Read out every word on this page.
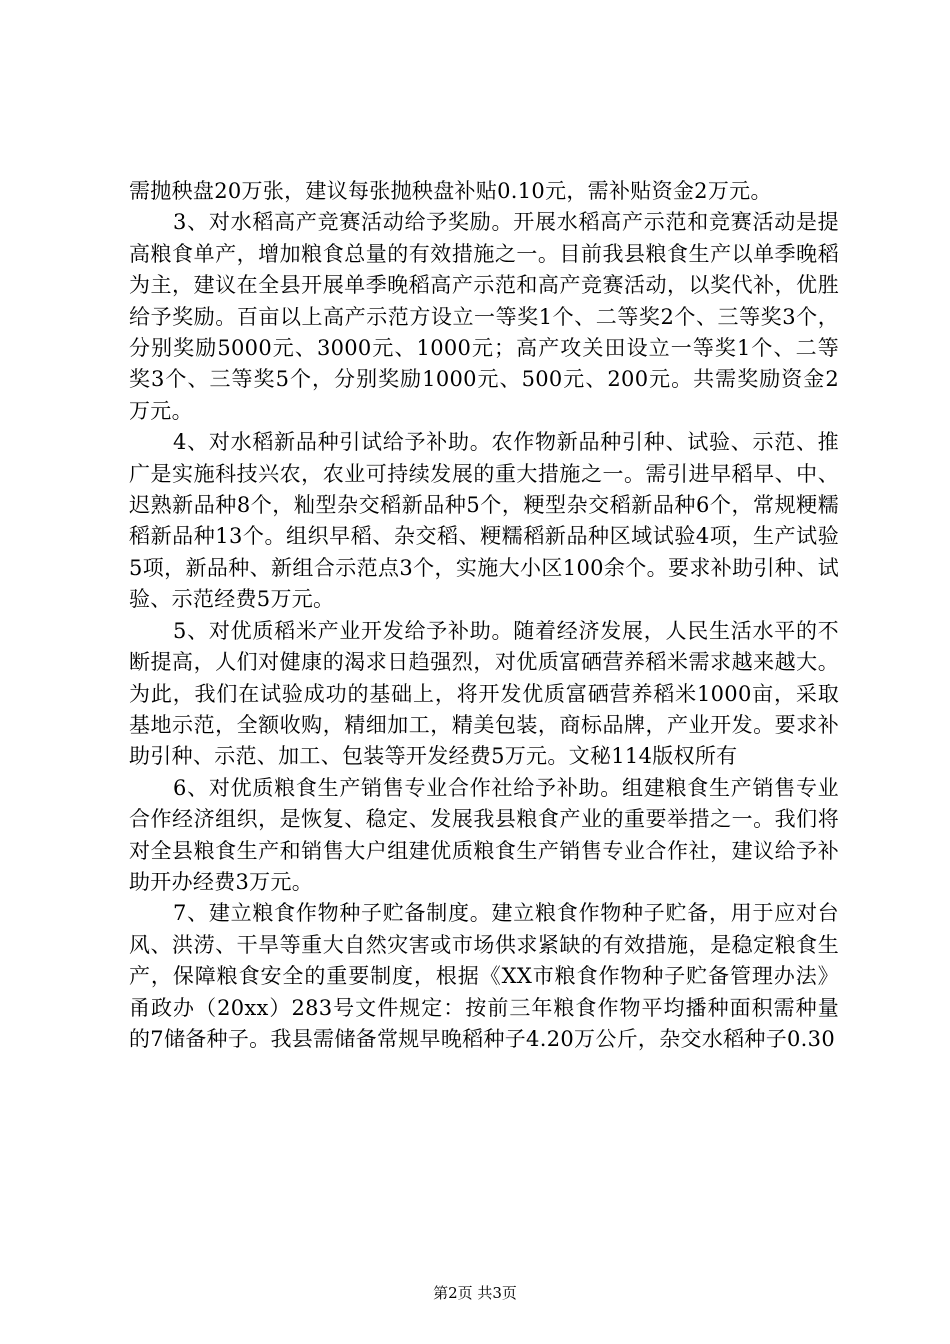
需抛秧盘20万张，建议每张抛秧盘补贴0.10元，需补贴资金2万元。

3、对水稻高产竞赛活动给予奖励。开展水稻高产示范和竞赛活动是提高粮食单产，增加粮食总量的有效措施之一。目前我县粮食生产以单季晚稻为主，建议在全县开展单季晚稻高产示范和高产竞赛活动，以奖代补，优胜给予奖励。百亩以上高产示范方设立一等奖1个、二等奖2个、三等奖3个，分别奖励5000元、3000元、1000元；高产攻关田设立一等奖1个、二等奖3个、三等奖5个，分别奖励1000元、500元、200元。共需奖励资金2万元。

4、对水稻新品种引试给予补助。农作物新品种引种、试验、示范、推广是实施科技兴农，农业可持续发展的重大措施之一。需引进早稻早、中、迟熟新品种8个，籼型杂交稻新品种5个，粳型杂交稻新品种6个，常规粳糯稻新品种13个。组织早稻、杂交稻、粳糯稻新品种区域试验4项，生产试验5项，新品种、新组合示范点3个，实施大小区100余个。要求补助引种、试验、示范经费5万元。

5、对优质稻米产业开发给予补助。随着经济发展，人民生活水平的不断提高，人们对健康的渴求日趋强烈，对优质富硒营养稻米需求越来越大。为此，我们在试验成功的基础上，将开发优质富硒营养稻米1000亩，采取基地示范，全额收购，精细加工，精美包装，商标品牌，产业开发。要求补助引种、示范、加工、包装等开发经费5万元。文秘114版权所有

6、对优质粮食生产销售专业合作社给予补助。组建粮食生产销售专业合作经济组织，是恢复、稳定、发展我县粮食产业的重要举措之一。我们将对全县粮食生产和销售大户组建优质粮食生产销售专业合作社，建议给予补助开办经费3万元。

7、建立粮食作物种子贮备制度。建立粮食作物种子贮备，用于应对台风、洪涝、干旱等重大自然灾害或市场供求紧缺的有效措施，是稳定粮食生产，保障粮食安全的重要制度，根据《XX市粮食作物种子贮备管理办法》甬政办（20xx）283号文件规定：按前三年粮食作物平均播种面积需种量的7储备种子。我县需储备常规早晚稻种子4.20万公斤，杂交水稻种子0.30

第2页 共3页
